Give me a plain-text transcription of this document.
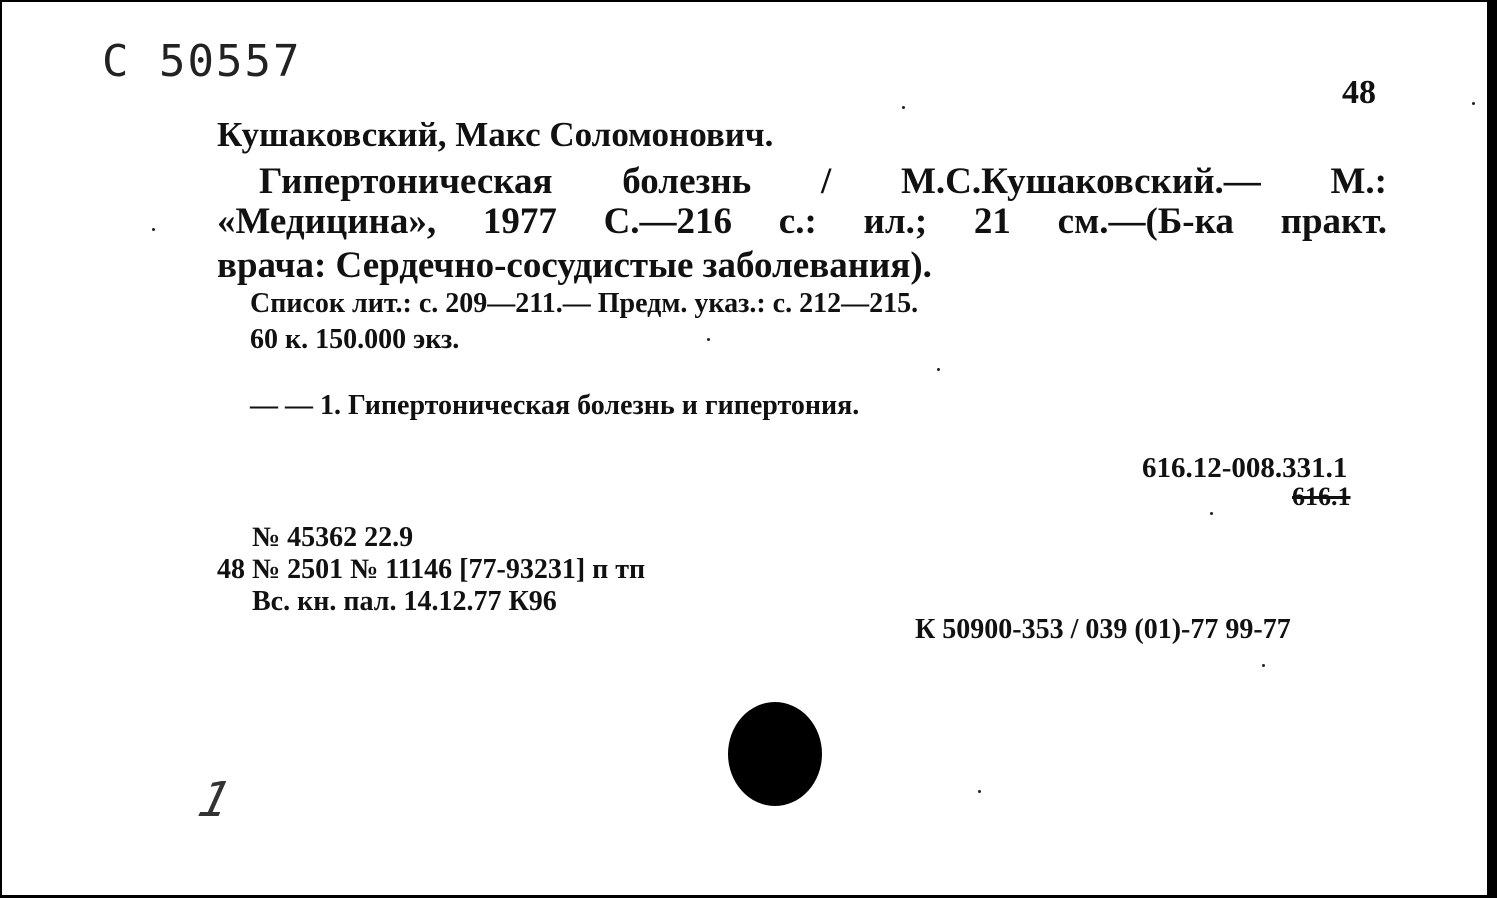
C 50557
48
Кушаковский, Макс Соломонович.
Гипертоническая болезнь / М.С.Кушаковский.— М.:
«Медицина», 1977 С.—216 с.: ил.; 21 см.—(Б-ка практ.
врача: Сердечно-сосудистые заболевания).
Список лит.: с. 209—211.— Предм. указ.: с. 212—215.
60 к. 150.000 экз.
— — 1. Гипертоническая болезнь и гипертония.
616.12-008.331.1
616.1
№ 45362 22.9
48 № 2501 № 11146 [77-93231] п тп
Вс. кн. пал. 14.12.77 К96
К 50900-353 / 039 (01)-77 99-77
1
